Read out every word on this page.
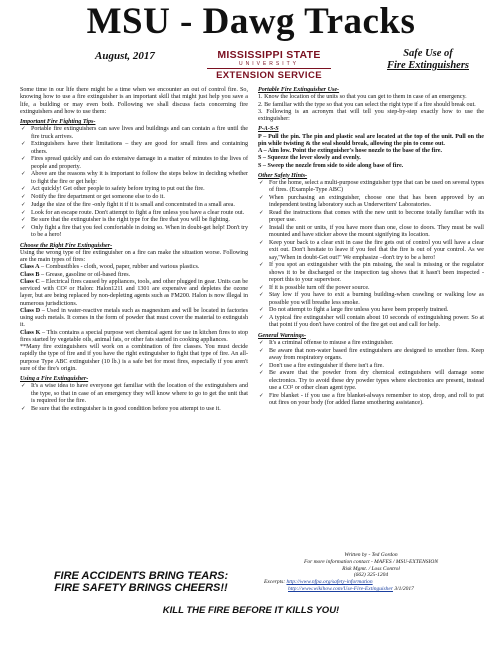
MSU - Dawg Tracks
August, 2017	MISSISSIPPI STATE
UNIVERSITY
EXTENSION SERVICE
Safe Use of
Fire Extinguishers
Some time in our life there might be a time when we encounter an out of control fire. So, knowing how to use a fire extinguisher is an important skill that might just help you save a life, a building or may even both. Following we shall discuss facts concerning fire extinguishers and how to use them:
Important Fire Fighting Tips-
✓ Portable fire extinguishers can save lives and buildings and can contain a fire until the fire truck arrives.
✓ Extinguishers have their limitations – they are good for small fires and containing others.
✓ Fires spread quickly and can do extensive damage in a matter of minutes to the lives of people and property.
✓ Above are the reasons why it is important to follow the steps below in deciding whether to fight the fire or get help:
✓ Act quickly! Get other people to safety before trying to put out the fire.
✓ Notify the fire department or get someone else to do it.
✓ Judge the size of the fire -only fight it if it is small and concentrated in a small area.
✓ Look for an escape route. Don't attempt to fight a fire unless you have a clear route out.
✓ Be sure that the extinguisher is the right type for the fire that you will be fighting.
✓ Only fight a fire that you feel comfortable in doing so. When in doubt-get help! Don't try to be a hero!
Choose the Right Fire Extinguisher-
Using the wrong type of fire extinguisher on a fire can make the situation worse. Following are the main types of fires:
Class A – Combustibles - cloth, wood, paper, rubber and various plastics.
Class B – Grease, gasoline or oil-based fires.
Class C – Electrical fires caused by appliances, tools, and other plugged in gear. Units can be serviced with CO² or Halon: Halon1211 and 1301 are expensive and depletes the ozone layer, but are being replaced by non-depleting agents such as FM200. Halon is now illegal in numerous jurisdictions.
Class D – Used in water-reactive metals such as magnesium and will be located in factories using such metals. It comes in the form of powder that must cover the material to extinguish it.
Class K – This contains a special purpose wet chemical agent for use in kitchen fires to stop fires started by vegetable oils, animal fats, or other fats started in cooking appliances.
**Many fire extinguishers will work on a combination of fire classes. You must decide rapidly the type of fire and if you have the right extinguisher to fight that type of fire. An all-purpose Type ABC extinguisher (10 lb.) is a safe bet for most fires, especially if you aren't sure of the fire's origin.
Using a Fire Extinguisher-
✓ It's a wise idea to have everyone get familiar with the location of the extinguishers and the type, so that in case of an emergency they will know where to go to get the unit that is required for the fire.
✓ Be sure that the extinguisher is in good condition before you attempt to use it.
Portable Fire Extinguisher Use-
1. Know the location of the units so that you can get to them in case of an emergency.
2. Be familiar with the type so that you can select the right type if a fire should break out.
3. Following is an acronym that will tell you step-by-step exactly how to use the extinguisher:
P-A-S-S
P – Pull the pin. The pin and plastic seal are located at the top of the unit. Pull on the pin while twisting & the seal should break, allowing the pin to come out.
A – Aim low. Point the extinguisher's hose nozzle to the base of the fire.
S – Squeeze the lever slowly and evenly.
S – Sweep the nozzle from side to side along base of fire.
Other Safety Hints-
✓ For the home, select a multi-purpose extinguisher type that can be used on several types of fires. (Example-Type ABC)
✓ When purchasing an extinguisher, choose one that has been approved by an independent testing laboratory such as Underwriters' Laboratories.
✓ Read the instructions that comes with the new unit to become totally familiar with its proper use.
✓ Install the unit or units, if you have more than one, close to doors. They must be wall mounted and have sticker above the mount signifying its location.
✓ Keep your back to a clear exit in case the fire gets out of control you will have a clear exit out. Don't hesitate to leave if you feel that the fire is out of your control. As we say,"When in doubt-Get out!" We emphasize –don't try to be a hero!
✓ If you spot an extinguisher with the pin missing, the seal is missing or the regulator shows it to be discharged or the inspection tag shows that it hasn't been inspected - report this to your supervisor.
✓ If it is possible turn off the power source.
✓ Stay low if you have to exit a burning building-when crawling or walking low as possible you will breathe less smoke.
✓ Do not attempt to fight a large fire unless you have been properly trained.
✓ A typical fire extinguisher will contain about 10 seconds of extinguishing power. So at that point if you don't have control of the fire get out and call for help.
General Warnings-
✓ It's a criminal offense to misuse a fire extinguisher.
✓ Be aware that non-water based fire extinguishers are designed to smother fires. Keep away from respiratory organs.
✓ Don't use a fire extinguisher if there isn't a fire.
✓ Be aware that the powder from dry chemical extinguishers will damage some electronics. Try to avoid these dry powder types where electronics are present, instead use a CO² or other clean agent type.
✓ Fire blanket - if you use a fire blanket-always remember to stop, drop, and roll to put out fires on your body (for added flame smothering assistance).
Written by - Ted Gordon
For more information contact - MAFES / MSU-EXTENSION
Risk Mgmt. / Loss Control
(662) 325-1204
Excerpts: http://www.nfpa.org/safety-information
http://www.wikihow.com/Use-Fire-Extinguisher 3/1/2017
FIRE ACCIDENTS BRING TEARS:
FIRE SAFETY BRINGS CHEERS!!
KILL THE FIRE BEFORE IT KILLS YOU!
